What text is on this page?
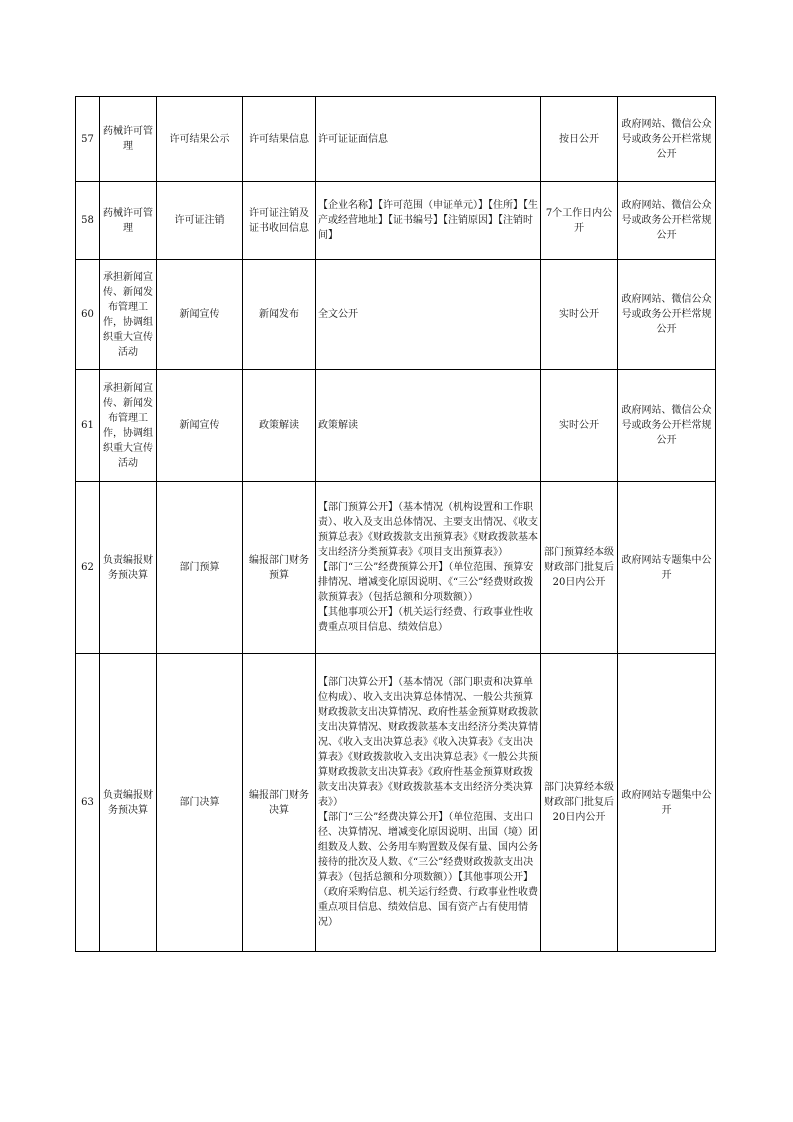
57	药械许可管理	许可结果公示	许可结果信息	许可证证面信息	按日公开	政府网站、微信公众号或政务公开栏常规公开
58	药械许可管理	许可证注销	许可证注销及证书收回信息	【企业名称】【许可范围（申证单元）】【住所】【生产或经营地址】【证书编号】【注销原因】【注销时间】	7个工作日内公开	政府网站、微信公众号或政务公开栏常规公开
60	承担新闻宣传、新闻发布管理工作，协调组织重大宣传活动	新闻宣传	新闻发布	全文公开	实时公开	政府网站、微信公众号或政务公开栏常规公开
61	承担新闻宣传、新闻发布管理工作，协调组织重大宣传活动	新闻宣传	政策解读	政策解读	实时公开	政府网站、微信公众号或政务公开栏常规公开
62	负责编报财务预决算	部门预算	编报部门财务预算	【部门预算公开】（基本情况（机构设置和工作职责）、收入及支出总体情况、主要支出情况、《收支预算总表》《财政拨款支出预算表》《财政拨款基本支出经济分类预算表》《项目支出预算表》）
【部门“三公”经费预算公开】（单位范围、预算安排情况、增减变化原因说明、《“三公”经费财政拨款预算表》（包括总额和分项数额））
【其他事项公开】（机关运行经费、行政事业性收费重点项目信息、绩效信息）	部门预算经本级财政部门批复后20日内公开	政府网站专题集中公开
63	负责编报财务预决算	部门决算	编报部门财务决算	【部门决算公开】（基本情况（部门职责和决算单位构成）、收入支出决算总体情况、一般公共预算财政拨款支出决算情况、政府性基金预算财政拨款支出决算情况、财政拨款基本支出经济分类决算情况、《收入支出决算总表》《收入决算表》《支出决算表》《财政拨款收入支出决算总表》《一般公共预算财政拨款支出决算表》《政府性基金预算财政拨款支出决算表》《财政拨款基本支出经济分类决算表》）
【部门“三公”经费决算公开】（单位范围、支出口径、决算情况、增减变化原因说明、出国（境）团组数及人数、公务用车购置数及保有量、国内公务接待的批次及人数、《“三公”经费财政拨款支出决算表》（包括总额和分项数额））【其他事项公开】（政府采购信息、机关运行经费、行政事业性收费重点项目信息、绩效信息、国有资产占有使用情况）	部门决算经本级财政部门批复后20日内公开	政府网站专题集中公开
